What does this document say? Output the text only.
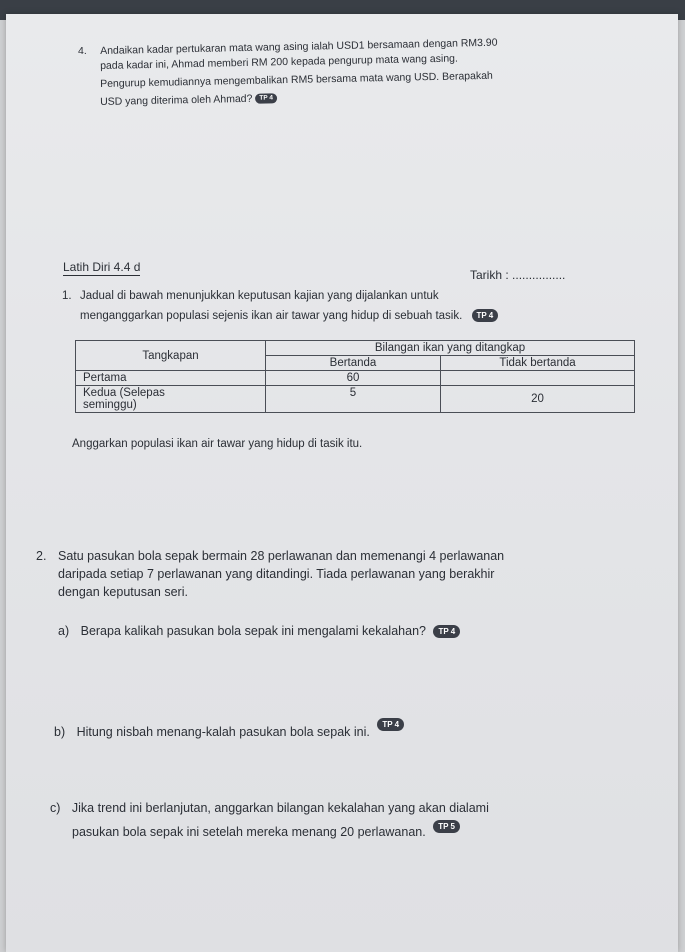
4. Andaikan kadar pertukaran mata wang asing ialah USD1 bersamaan dengan RM3.90
pada kadar ini, Ahmad memberi RM 200 kepada pengurup mata wang asing.
Pengurup kemudiannya mengembalikan RM5 bersama mata wang USD. Berapakah
USD yang diterima oleh Ahmad? TP 4
Latih Diri 4.4 d
Tarikh : ................
1. Jadual di bawah menunjukkan keputusan kajian yang dijalankan untuk
menganggarkan populasi sejenis ikan air tawar yang hidup di sebuah tasik. TP 4
Tangkapan	Bilangan ikan yang ditangkap	
	Bertanda	Tidak bertanda
Pertama	60	

Kedua (Selepas
seminggu)	5	20
Anggarkan populasi ikan air tawar yang hidup di tasik itu.
2. Satu pasukan bola sepak bermain 28 perlawanan dan memenangi 4 perlawanan
daripada setiap 7 perlawanan yang ditandingi. Tiada perlawanan yang berakhir
dengan keputusan seri.
a) Berapa kalikah pasukan bola sepak ini mengalami kekalahan? TP 4
b) Hitung nisbah menang-kalah pasukan bola sepak ini. TP 4
c) Jika trend ini berlanjutan, anggarkan bilangan kekalahan yang akan dialami
pasukan bola sepak ini setelah mereka menang 20 perlawanan. TP 5
